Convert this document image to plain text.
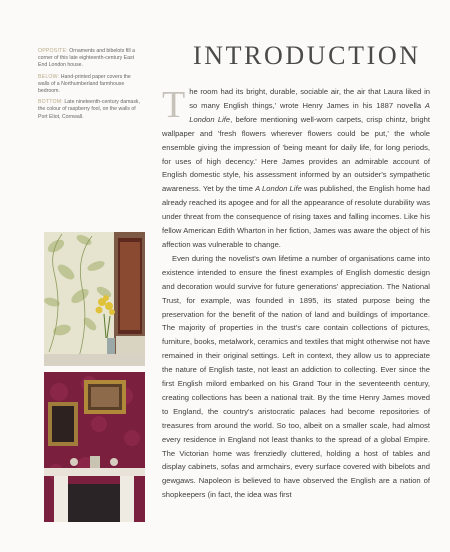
OPPOSITE: Ornaments and bibelots fill a corner of this late eighteenth-century East End London house.

BELOW: Hand-printed paper covers the walls of a Northumberland farmhouse bedroom.

BOTTOM: Late nineteenth-century damask, the colour of raspberry fool, on the walls of Port Eliot, Cornwall.

INTRODUCTION

The room had its bright, durable, sociable air, the air that Laura liked in so many English things,' wrote Henry James in his 1887 novella A London Life, before mentioning well-worn carpets, crisp chintz, bright wallpaper and 'fresh flowers wherever flowers could be put,' the whole ensemble giving the impression of 'being meant for daily life, for long periods, for uses of high decency.' Here James provides an admirable account of English domestic style, his assessment informed by an outsider's sympathetic awareness. Yet by the time A London Life was published, the English home had already reached its apogee and for all the appearance of resolute durability was under threat from the consequence of rising taxes and falling incomes. Like his fellow American Edith Wharton in her fiction, James was aware the object of his affection was vulnerable to change.

Even during the novelist's own lifetime a number of organisations came into existence intended to ensure the finest examples of English domestic design and decoration would survive for future generations' appreciation. The National Trust, for example, was founded in 1895, its stated purpose being the preservation for the benefit of the nation of land and buildings of importance. The majority of properties in the trust's care contain collections of pictures, furniture, books, metalwork, ceramics and textiles that might otherwise not have remained in their original settings. Left in context, they allow us to appreciate the nature of English taste, not least an addiction to collecting. Ever since the first English milord embarked on his Grand Tour in the seventeenth century, creating collections has been a national trait. By the time Henry James moved to England, the country's aristocratic palaces had become repositories of treasures from around the world. So too, albeit on a smaller scale, had almost every residence in England not least thanks to the spread of a global Empire. The Victorian home was frenziedly cluttered, holding a host of tables and display cabinets, sofas and armchairs, every surface covered with bibelots and gewgaws. Napoleon is believed to have observed the English are a nation of shopkeepers (in fact, the idea was first
